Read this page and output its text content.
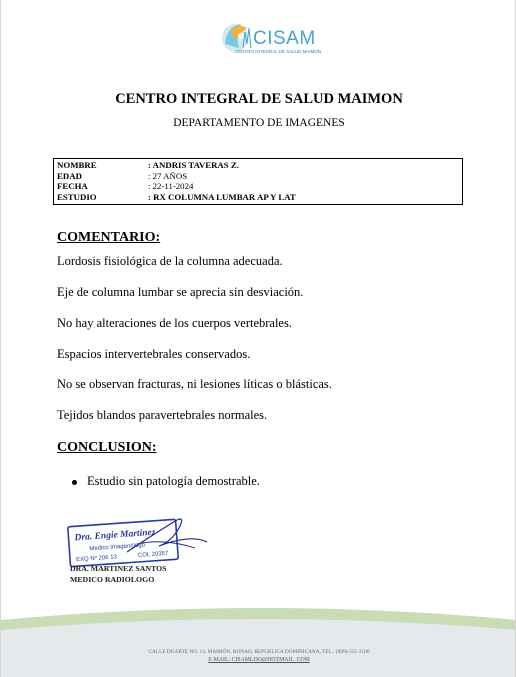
CISAM
CENTRO INTEGRAL DE SALUD MAIMON
CENTRO INTEGRAL DE SALUD MAIMON
DEPARTAMENTO DE IMAGENES
NOMBRE	: ANDRIS TAVERAS Z.
EDAD	: 27 AÑOS
FECHA	: 22-11-2024
ESTUDIO	: RX COLUMNA LUMBAR AP Y LAT
COMENTARIO:
Lordosis fisiológica de la columna adecuada.
Eje de columna lumbar se aprecia sin desviación.
No hay alteraciones de los cuerpos vertebrales.
Espacios intervertebrales conservados.
No se observan fracturas, ni lesiones líticas o blásticas.
Tejidos blandos paravertebrales normales.
CONCLUSION:
Estudio sin patología demostrable.
Dra. Engie Martinez
Medico Imagenólogo
EXQ Nº 206 13	COL 20357
DRA. MARTINEZ SANTOS
MEDICO RADIOLOGO
CALLE DUARTE NO. 13, MAIMÓN, BONAO, REPUBLICA DOMINICANA, TEL.: (809)-551-2106
E-MAIL: CISAMLDO@HOTMAIL .COM
